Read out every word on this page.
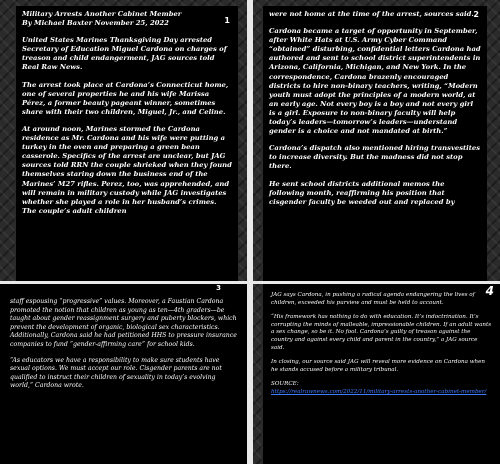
1
Military Arrests Another Cabinet Member
By Michael Baxter November 25, 2022

United States Marines Thanksgiving Day arrested Secretary of Education Miguel Cardona on charges of treason and child endangerment, JAG sources told Real Raw News.

The arrest took place at Cardona’s Connecticut home, one of several properties he and his wife Marissa Pérez, a former beauty pageant winner, sometimes share with their two children, Miguel, Jr., and Celine.

At around noon, Marines stormed the Cardona residence as Mr. Cardona and his wife were putting a turkey in the oven and preparing a green bean casserole. Specifics of the arrest are unclear, but JAG sources told RRN the couple shrieked when they found themselves staring down the business end of the Marines’ M27 rifles. Perez, too, was apprehended, and will remain in military custody while JAG investigates whether she played a role in her husband’s crimes. The couple’s adult children

2

were not home at the time of the arrest, sources said.

Cardona became a target of opportunity in September, after White Hats at U.S. Army Cyber Command “obtained” disturbing, confidential letters Cardona had authored and sent to school district superintendents in Arizona, California, Michigan, and New York. In the correspondence, Cardona brazenly encouraged districts to hire non-binary teachers, writing, “Modern youth must adopt the principles of a modern world, at an early age. Not every boy is a boy and not every girl is a girl. Exposure to non-binary faculty will help today’s leaders—tomorrow’s leaders—understand gender is a choice and not mandated at birth.”

Cardona’s dispatch also mentioned hiring transvestites to increase diversity. But the madness did not stop there.

He sent school districts additional memos the following month, reaffirming his position that cisgender faculty be weeded out and replaced by

3

staff espousing “progressive” values. Moreover, a Faustian Cardona promoted the notion that children as young as ten—4th graders—be taught about gender reassignment surgery and puberty blockers, which prevent the development of organic, biological sex characteristics. Additionally, Cardona said he had petitioned HHS to pressure insurance companies to fund “gender-affirming care” for school kids.

“As educators we have a responsibility to make sure students have sexual options. We must accept our role. Cisgender parents are not qualified to instruct their children of sexuality in today’s evolving world,” Cardona wrote.

4

JAG says Cardona, in pushing a radical agenda endangering the lives of children, exceeded his purview and must be held to account.

“His framework has nothing to do with education. It’s indoctrination. It’s corrupting the minds of malleable, impressionable children. If an adult wants a sex change, so be it. No fool. Cardona’s guilty of treason against the country and against every child and parent in the country,” a JAG source said.

In closing, our source said JAG will reveal more evidence on Cardona when he stands accused before a military tribunal.

SOURCE:
https://realrawnews.com/2022/11/military-arrests-another-cabinet-member/
